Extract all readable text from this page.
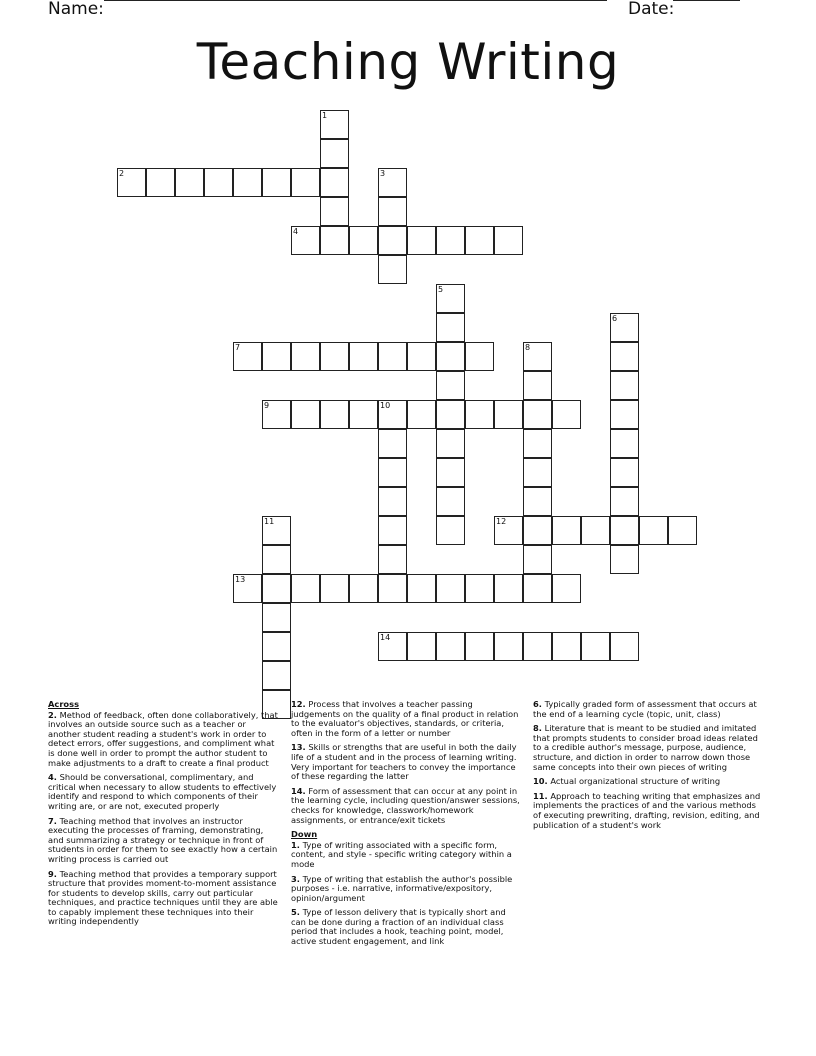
Name:	Date:
Teaching Writing
1
2	3
4
5
6
7	8
9	10
11	12
13
14
Across
2. Method of feedback, often done collaboratively, that involves an outside source such as a teacher or another student reading a student's work in order to detect errors, offer suggestions, and compliment what is done well in order to prompt the author student to make adjustments to a draft to create a final product
4. Should be conversational, complimentary, and critical when necessary to allow students to effectively identify and respond to which components of their writing are, or are not, executed properly
7. Teaching method that involves an instructor executing the processes of framing, demonstrating, and summarizing a strategy or technique in front of students in order for them to see exactly how a certain writing process is carried out
9. Teaching method that provides a temporary support structure that provides moment-to-moment assistance for students to develop skills, carry out particular techniques, and practice techniques until they are able to capably implement these techniques into their writing independently
12. Process that involves a teacher passing judgements on the quality of a final product in relation to the evaluator's objectives, standards, or criteria, often in the form of a letter or number
13. Skills or strengths that are useful in both the daily life of a student and in the process of learning writing. Very important for teachers to convey the importance of these regarding the latter
14. Form of assessment that can occur at any point in the learning cycle, including question/answer sessions, checks for knowledge, classwork/homework assignments, or entrance/exit tickets
Down
1. Type of writing associated with a specific form, content, and style - specific writing category within a mode
3. Type of writing that establish the author's possible purposes - i.e. narrative, informative/expository, opinion/argument
5. Type of lesson delivery that is typically short and can be done during a fraction of an individual class period that includes a hook, teaching point, model, active student engagement, and link
6. Typically graded form of assessment that occurs at the end of a learning cycle (topic, unit, class)
8. Literature that is meant to be studied and imitated that prompts students to consider broad ideas related to a credible author's message, purpose, audience, structure, and diction in order to narrow down those same concepts into their own pieces of writing
10. Actual organizational structure of writing
11. Approach to teaching writing that emphasizes and implements the practices of and the various methods of executing prewriting, drafting, revision, editing, and publication of a student's work
